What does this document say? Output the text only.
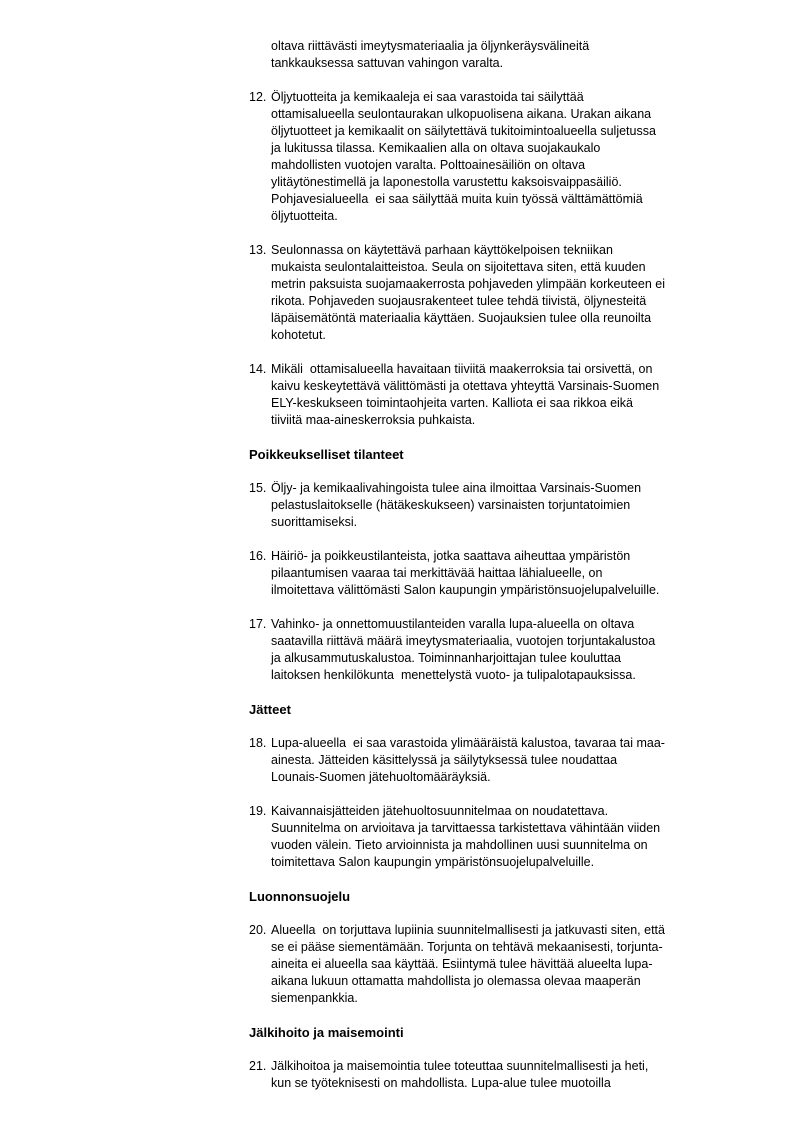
oltava riittävästi imeytysmateriaalia ja öljynkeräysvälineitä
tankkauksessa sattuvan vahingon varalta.
12. Öljytuotteita ja kemikaaleja ei saa varastoida tai säilyttää
ottamisalueella seulontaurakan ulkopuolisena aikana. Urakan aikana
öljytuotteet ja kemikaalit on säilytettävä tukitoimintoalueella suljetussa
ja lukitussa tilassa. Kemikaalien alla on oltava suojakaukalo
mahdollisten vuotojen varalta. Polttoainesäiliön on oltava
ylitäytönestimellä ja laponestolla varustettu kaksoisvaippasäiliö.
Pohjavesialueella  ei saa säilyttää muita kuin työssä välttämättömiä
öljytuotteita.
13. Seulonnassa on käytettävä parhaan käyttökelpoisen tekniikan
mukaista seulontalaitteistoa. Seula on sijoitettava siten, että kuuden
metrin paksuista suojamaakerrosta pohjaveden ylimpään korkeuteen ei
rikota. Pohjaveden suojausrakenteet tulee tehdä tiivistä, öljynesteitä
läpäisemätöntä materiaalia käyttäen. Suojauksien tulee olla reunoilta
kohotetut.
14. Mikäli  ottamisalueella havaitaan tiiviitä maakerroksia tai orsivettä, on
kaivu keskeytettävä välittömästi ja otettava yhteyttä Varsinais-Suomen
ELY-keskukseen toimintaohjeita varten. Kalliota ei saa rikkoa eikä
tiiviitä maa-aineskerroksia puhkaista.
Poikkeukselliset tilanteet
15. Öljy- ja kemikaalivahingoista tulee aina ilmoittaa Varsinais-Suomen
pelastuslaitokselle (hätäkeskukseen) varsinaisten torjuntatoimien
suorittamiseksi.
16. Häiriö- ja poikkeustilanteista, jotka saattava aiheuttaa ympäristön
pilaantumisen vaaraa tai merkittävää haittaa lähialueelle, on
ilmoitettava välittömästi Salon kaupungin ympäristönsuojelupalveluille.
17. Vahinko- ja onnettomuustilanteiden varalla lupa-alueella on oltava
saatavilla riittävä määrä imeytysmateriaalia, vuotojen torjuntakalustoa
ja alkusammutuskalustoa. Toiminnanharjoittajan tulee kouluttaa
laitoksen henkilökunta  menettelystä vuoto- ja tulipalotapauksissa.
Jätteet
18. Lupa-alueella  ei saa varastoida ylimääräistä kalustoa, tavaraa tai maa-
ainesta. Jätteiden käsittelyssä ja säilytyksessä tulee noudattaa
Lounais-Suomen jätehuoltomääräyksiä.
19. Kaivannaisjätteiden jätehuoltosuunnitelmaa on noudatettava.
Suunnitelma on arvioitava ja tarvittaessa tarkistettava vähintään viiden
vuoden välein. Tieto arvioinnista ja mahdollinen uusi suunnitelma on
toimitettava Salon kaupungin ympäristönsuojelupalveluille.
Luonnonsuojelu
20. Alueella  on torjuttava lupiinia suunnitelmallisesti ja jatkuvasti siten, että
se ei pääse siementämään. Torjunta on tehtävä mekaanisesti, torjunta-
aineita ei alueella saa käyttää. Esiintymä tulee hävittää alueelta lupa-
aikana lukuun ottamatta mahdollista jo olemassa olevaa maaperän
siemenpankkia.
Jälkihoito ja maisemointi
21. Jälkihoitoa ja maisemointia tulee toteuttaa suunnitelmallisesti ja heti,
kun se työteknisesti on mahdollista. Lupa-alue tulee muotoilla
